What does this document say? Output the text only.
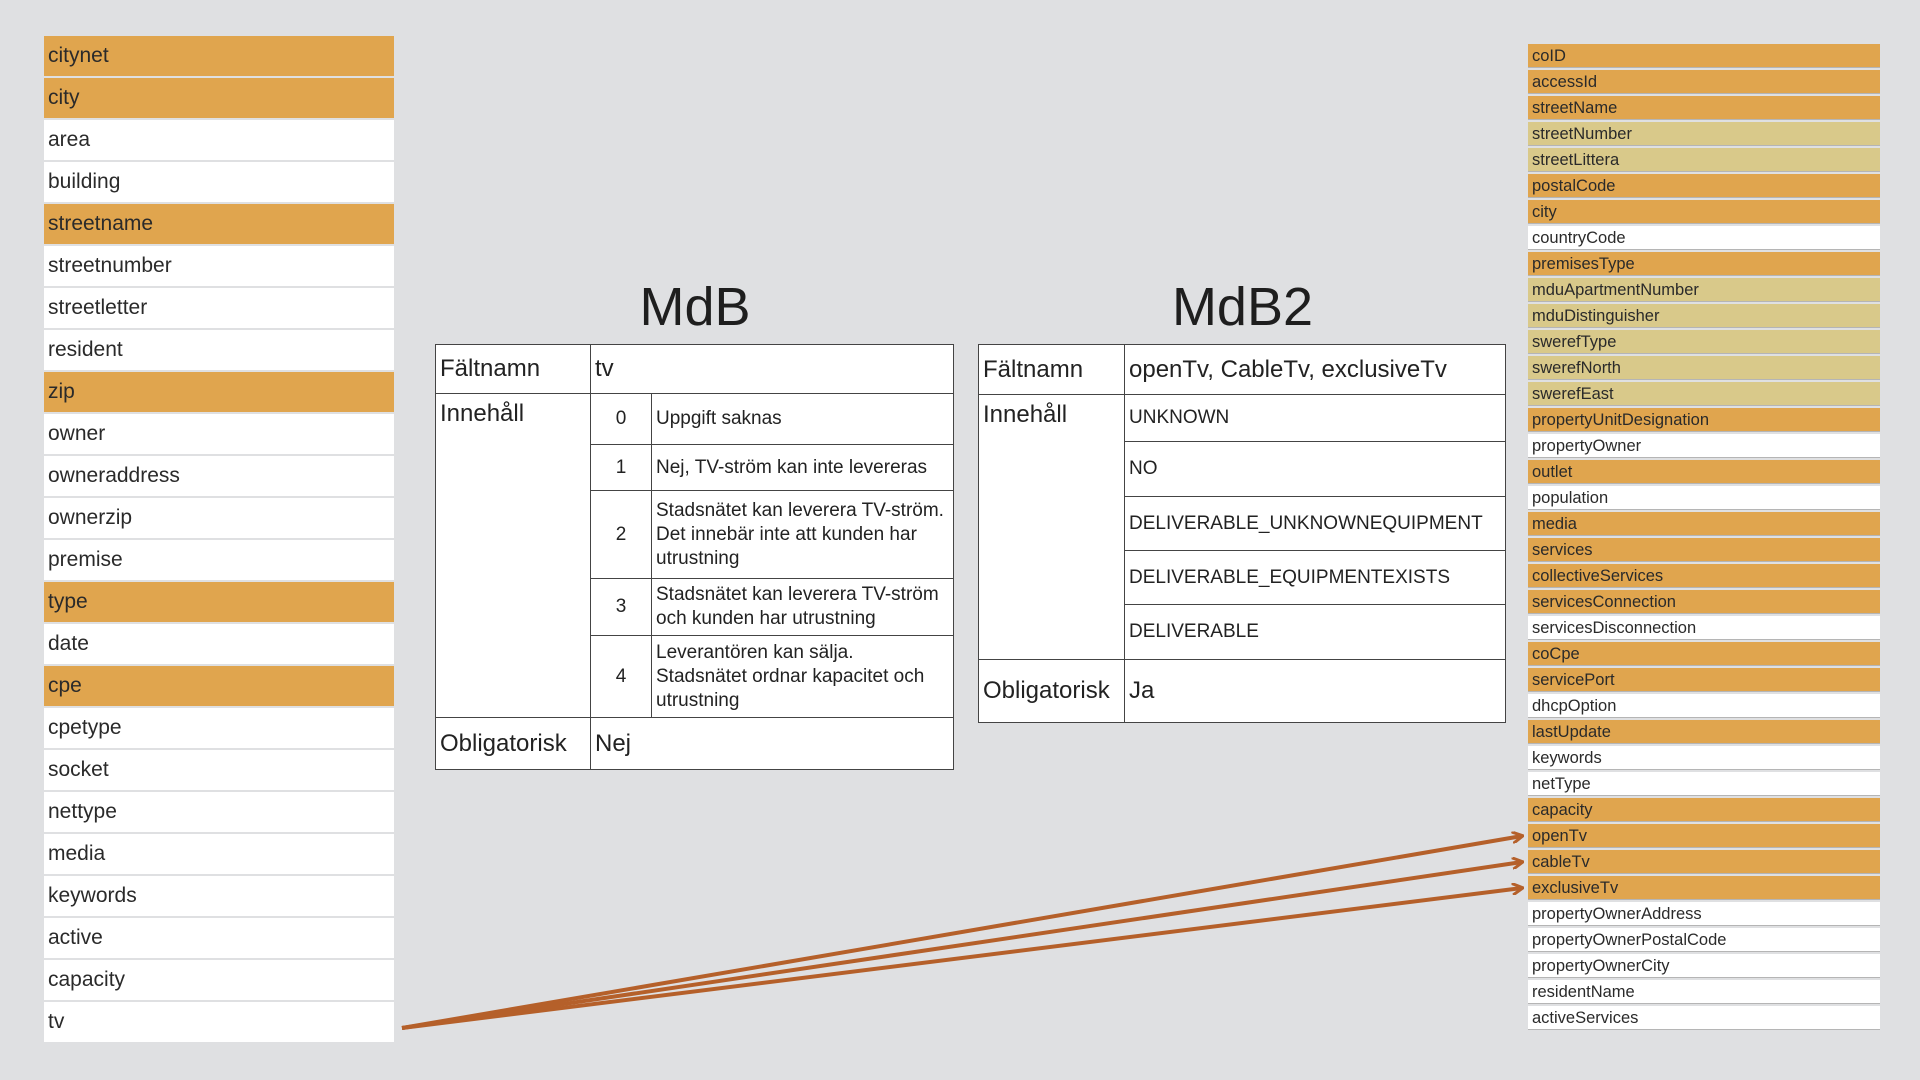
citynet
city
area
building
streetname
streetnumber
streetletter
resident
zip
owner
owneraddress
ownerzip
premise
type
date
cpe
cpetype
socket
nettype
media
keywords
active
capacity
tv
coID
accessId
streetName
streetNumber
streetLittera
postalCode
city
countryCode
premisesType
mduApartmentNumber
mduDistinguisher
swerefType
swerefNorth
swerefEast
propertyUnitDesignation
propertyOwner
outlet
population
media
services
collectiveServices
servicesConnection
servicesDisconnection
coCpe
servicePort
dhcpOption
lastUpdate
keywords
netType
capacity
openTv
cableTv
exclusiveTv
propertyOwnerAddress
propertyOwnerPostalCode
propertyOwnerCity
residentName
activeServices
MdB	MdB2
Fältnamn	tv	
Innehåll	0	Uppgift saknas
	1	Nej, TV-ström kan inte levereras
	2	Stadsnätet kan leverera TV-ström. Det innebär inte att kunden har utrustning
	3	Stadsnätet kan leverera TV-ström och kunden har utrustning
	4	Leverantören kan sälja. Stadsnätet ordnar kapacitet och utrustning
Obligatorisk	Nej	
Fältnamn	openTv, CableTv, exclusiveTv
Innehåll	UNKNOWN
	NO
	DELIVERABLE_UNKNOWNEQUIPMENT
	DELIVERABLE_EQUIPMENTEXISTS
	DELIVERABLE
Obligatorisk	Ja
